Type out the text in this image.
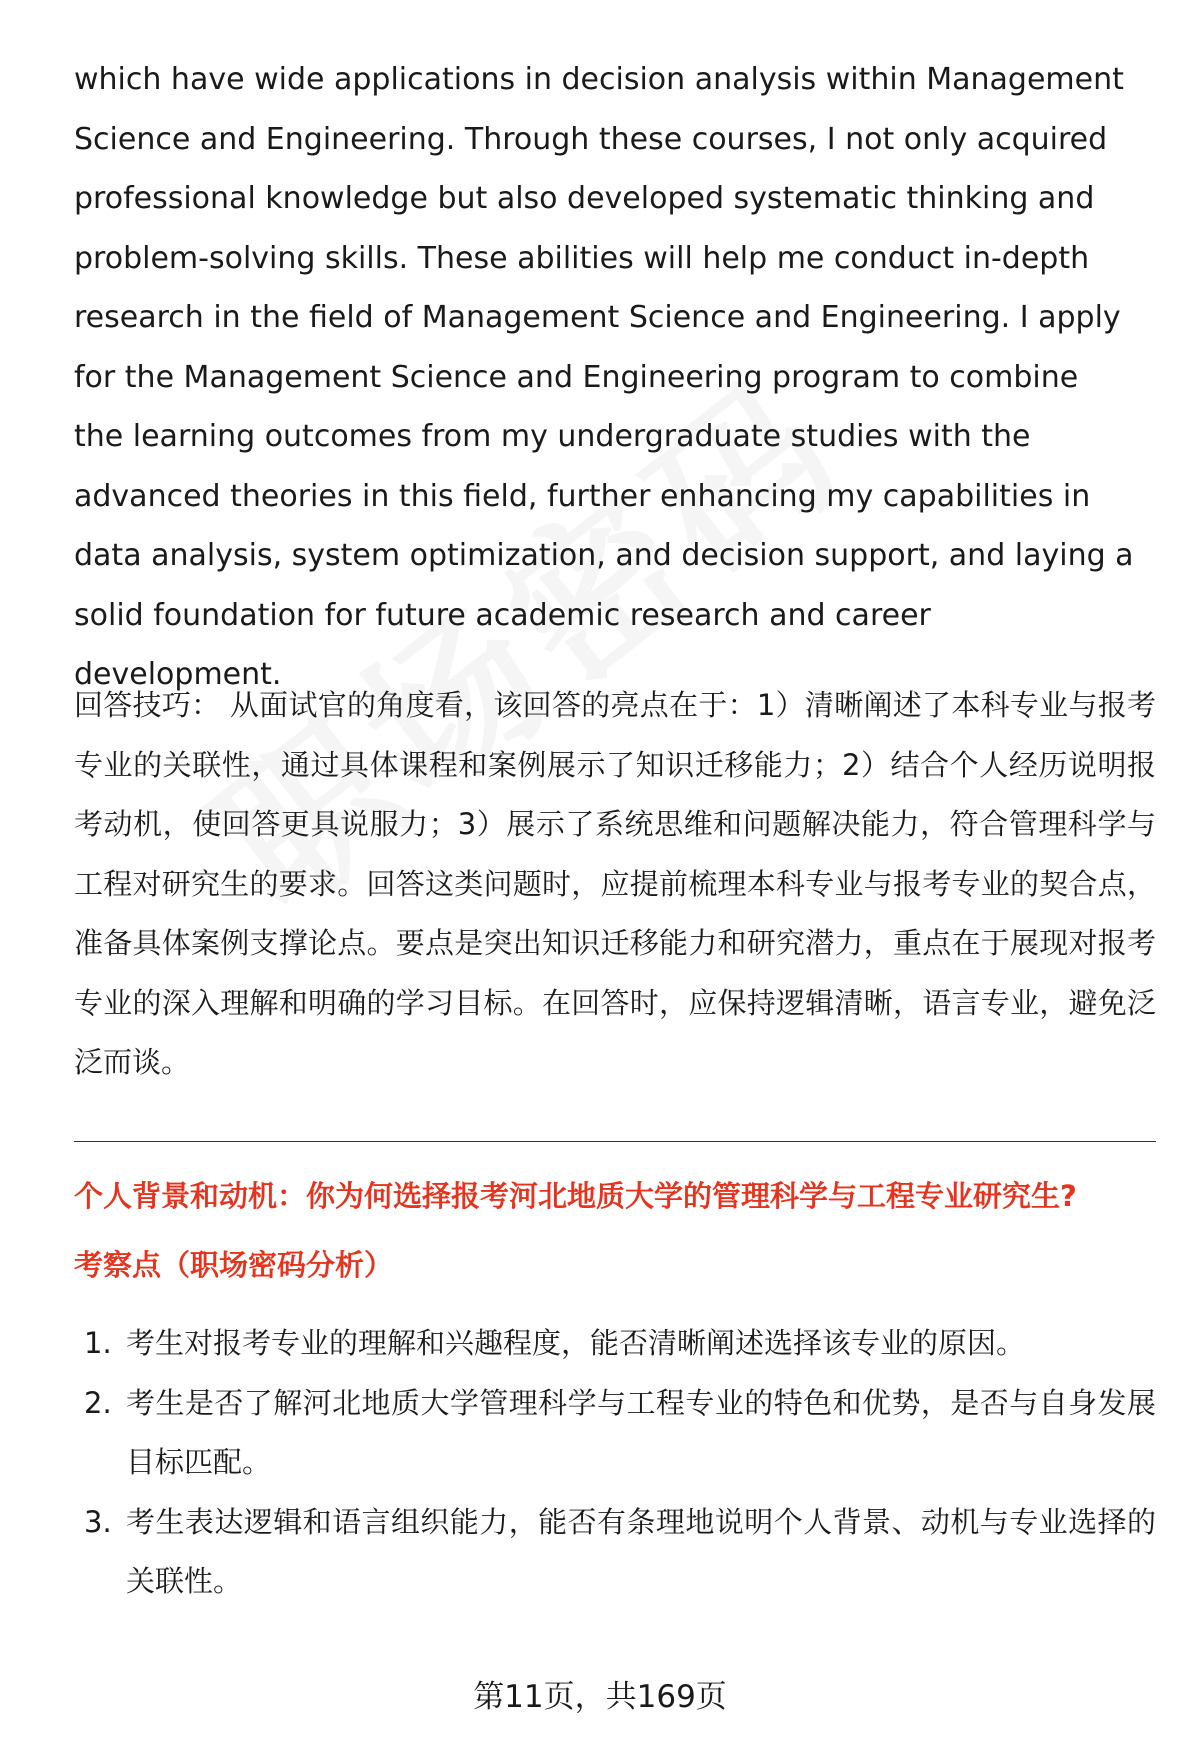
which have wide applications in decision analysis within Management Science and Engineering. Through these courses, I not only acquired professional knowledge but also developed systematic thinking and problem-solving skills. These abilities will help me conduct in-depth research in the field of Management Science and Engineering. I apply for the Management Science and Engineering program to combine the learning outcomes from my undergraduate studies with the advanced theories in this field, further enhancing my capabilities in data analysis, system optimization, and decision support, and laying a solid foundation for future academic research and career development.

回答技巧： 从面试官的角度看，该回答的亮点在于：1）清晰阐述了本科专业与报考专业的关联性，通过具体课程和案例展示了知识迁移能力；2）结合个人经历说明报考动机，使回答更具说服力；3）展示了系统思维和问题解决能力，符合管理科学与工程对研究生的要求。回答这类问题时，应提前梳理本科专业与报考专业的契合点，准备具体案例支撑论点。要点是突出知识迁移能力和研究潜力，重点在于展现对报考专业的深入理解和明确的学习目标。在回答时，应保持逻辑清晰，语言专业，避免泛泛而谈。

个人背景和动机：你为何选择报考河北地质大学的管理科学与工程专业研究生?

考察点（职场密码分析）

1. 考生对报考专业的理解和兴趣程度，能否清晰阐述选择该专业的原因。
2. 考生是否了解河北地质大学管理科学与工程专业的特色和优势，是否与自身发展目标匹配。
3. 考生表达逻辑和语言组织能力，能否有条理地说明个人背景、动机与专业选择的关联性。
第11页，共169页
